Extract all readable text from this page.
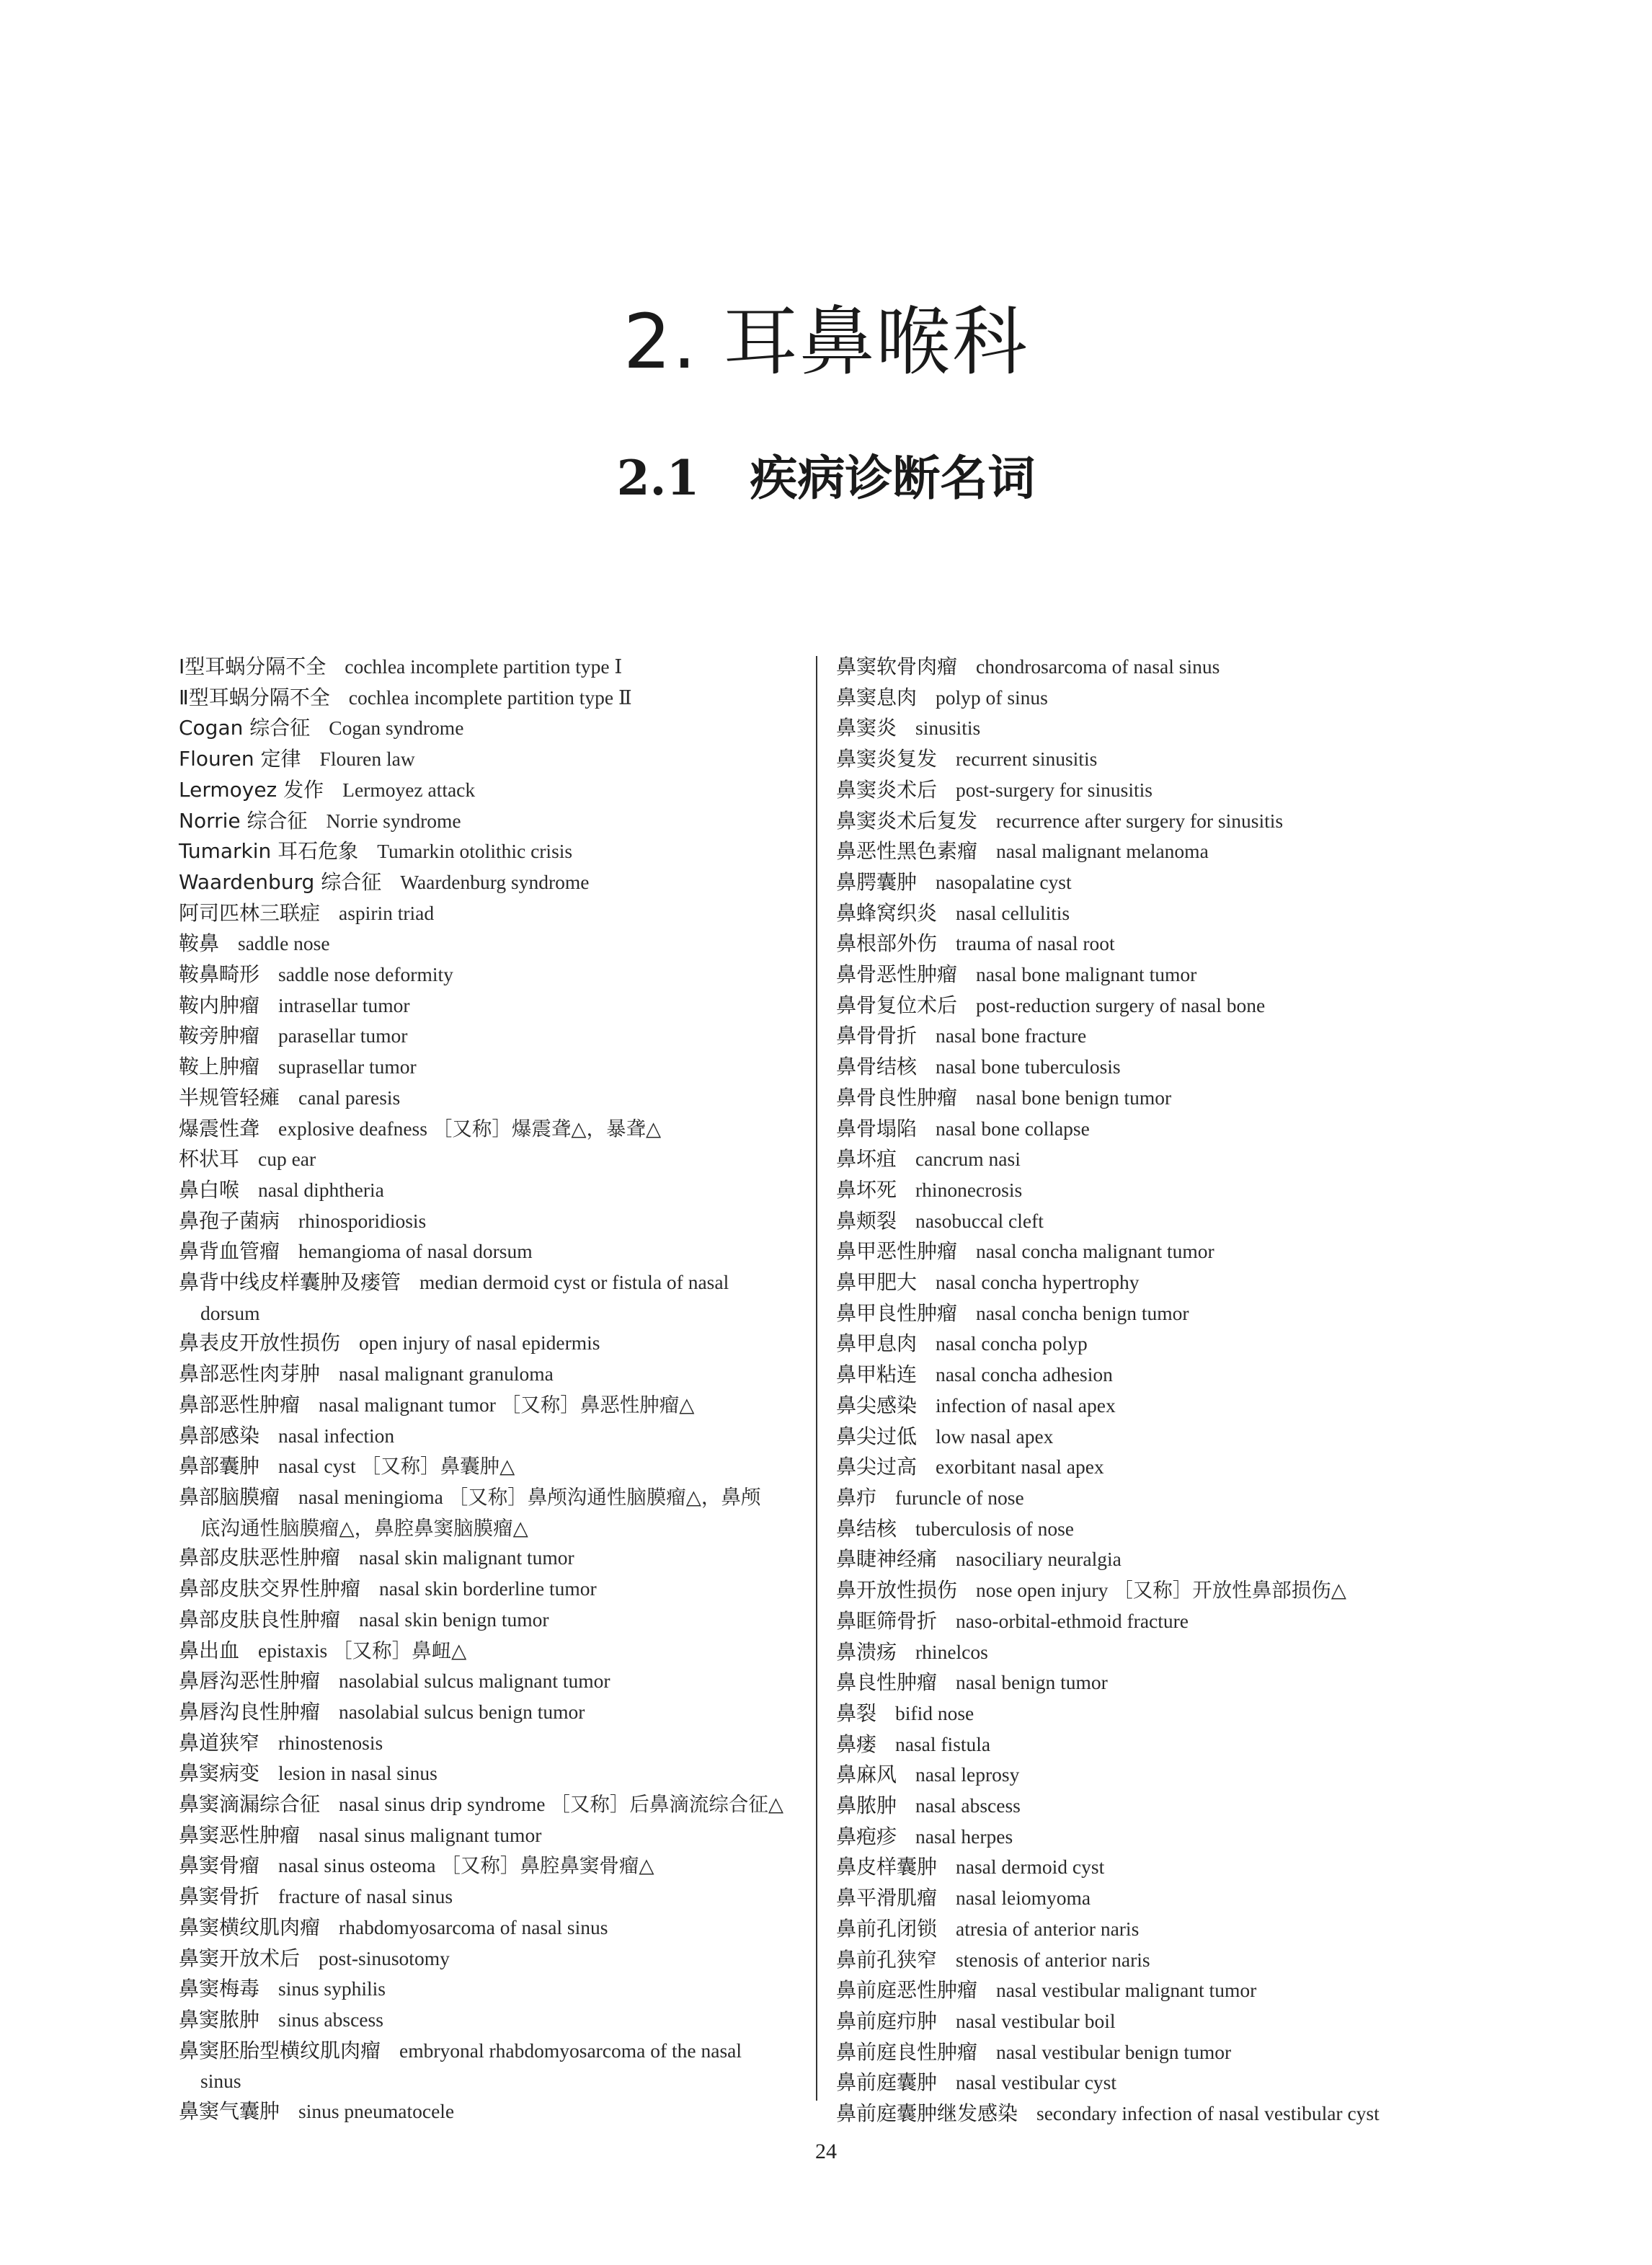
2. 耳鼻喉科
2.1 疾病诊断名词
Ⅰ型耳蜗分隔不全 cochlea incomplete partition type Ⅰ
Ⅱ型耳蜗分隔不全 cochlea incomplete partition type Ⅱ
Cogan 综合征 Cogan syndrome
Flouren 定律 Flouren law
Lermoyez 发作 Lermoyez attack
Norrie 综合征 Norrie syndrome
Tumarkin 耳石危象 Tumarkin otolithic crisis
Waardenburg 综合征 Waardenburg syndrome
阿司匹林三联症 aspirin triad
鞍鼻 saddle nose
鞍鼻畸形 saddle nose deformity
鞍内肿瘤 intrasellar tumor
鞍旁肿瘤 parasellar tumor
鞍上肿瘤 suprasellar tumor
半规管轻瘫 canal paresis
爆震性聋 explosive deafness ［又称］爆震聋△，暴聋△
杯状耳 cup ear
鼻白喉 nasal diphtheria
鼻孢子菌病 rhinosporidiosis
鼻背血管瘤 hemangioma of nasal dorsum
鼻背中线皮样囊肿及瘘管 median dermoid cyst or fistula of nasal
dorsum
鼻表皮开放性损伤 open injury of nasal epidermis
鼻部恶性肉芽肿 nasal malignant granuloma
鼻部恶性肿瘤 nasal malignant tumor ［又称］鼻恶性肿瘤△
鼻部感染 nasal infection
鼻部囊肿 nasal cyst ［又称］鼻囊肿△
鼻部脑膜瘤 nasal meningioma ［又称］鼻颅沟通性脑膜瘤△，鼻颅
底沟通性脑膜瘤△，鼻腔鼻窦脑膜瘤△
鼻部皮肤恶性肿瘤 nasal skin malignant tumor
鼻部皮肤交界性肿瘤 nasal skin borderline tumor
鼻部皮肤良性肿瘤 nasal skin benign tumor
鼻出血 epistaxis ［又称］鼻衄△
鼻唇沟恶性肿瘤 nasolabial sulcus malignant tumor
鼻唇沟良性肿瘤 nasolabial sulcus benign tumor
鼻道狭窄 rhinostenosis
鼻窦病变 lesion in nasal sinus
鼻窦滴漏综合征 nasal sinus drip syndrome ［又称］后鼻滴流综合征△
鼻窦恶性肿瘤 nasal sinus malignant tumor
鼻窦骨瘤 nasal sinus osteoma ［又称］鼻腔鼻窦骨瘤△
鼻窦骨折 fracture of nasal sinus
鼻窦横纹肌肉瘤 rhabdomyosarcoma of nasal sinus
鼻窦开放术后 post-sinusotomy
鼻窦梅毒 sinus syphilis
鼻窦脓肿 sinus abscess
鼻窦胚胎型横纹肌肉瘤 embryonal rhabdomyosarcoma of the nasal
sinus
鼻窦气囊肿 sinus pneumatocele
鼻窦软骨肉瘤 chondrosarcoma of nasal sinus
鼻窦息肉 polyp of sinus
鼻窦炎 sinusitis
鼻窦炎复发 recurrent sinusitis
鼻窦炎术后 post-surgery for sinusitis
鼻窦炎术后复发 recurrence after surgery for sinusitis
鼻恶性黑色素瘤 nasal malignant melanoma
鼻腭囊肿 nasopalatine cyst
鼻蜂窝织炎 nasal cellulitis
鼻根部外伤 trauma of nasal root
鼻骨恶性肿瘤 nasal bone malignant tumor
鼻骨复位术后 post-reduction surgery of nasal bone
鼻骨骨折 nasal bone fracture
鼻骨结核 nasal bone tuberculosis
鼻骨良性肿瘤 nasal bone benign tumor
鼻骨塌陷 nasal bone collapse
鼻坏疽 cancrum nasi
鼻坏死 rhinonecrosis
鼻颊裂 nasobuccal cleft
鼻甲恶性肿瘤 nasal concha malignant tumor
鼻甲肥大 nasal concha hypertrophy
鼻甲良性肿瘤 nasal concha benign tumor
鼻甲息肉 nasal concha polyp
鼻甲粘连 nasal concha adhesion
鼻尖感染 infection of nasal apex
鼻尖过低 low nasal apex
鼻尖过高 exorbitant nasal apex
鼻疖 furuncle of nose
鼻结核 tuberculosis of nose
鼻睫神经痛 nasociliary neuralgia
鼻开放性损伤 nose open injury ［又称］开放性鼻部损伤△
鼻眶筛骨折 naso-orbital-ethmoid fracture
鼻溃疡 rhinelcos
鼻良性肿瘤 nasal benign tumor
鼻裂 bifid nose
鼻瘘 nasal fistula
鼻麻风 nasal leprosy
鼻脓肿 nasal abscess
鼻疱疹 nasal herpes
鼻皮样囊肿 nasal dermoid cyst
鼻平滑肌瘤 nasal leiomyoma
鼻前孔闭锁 atresia of anterior naris
鼻前孔狭窄 stenosis of anterior naris
鼻前庭恶性肿瘤 nasal vestibular malignant tumor
鼻前庭疖肿 nasal vestibular boil
鼻前庭良性肿瘤 nasal vestibular benign tumor
鼻前庭囊肿 nasal vestibular cyst
鼻前庭囊肿继发感染 secondary infection of nasal vestibular cyst
24
